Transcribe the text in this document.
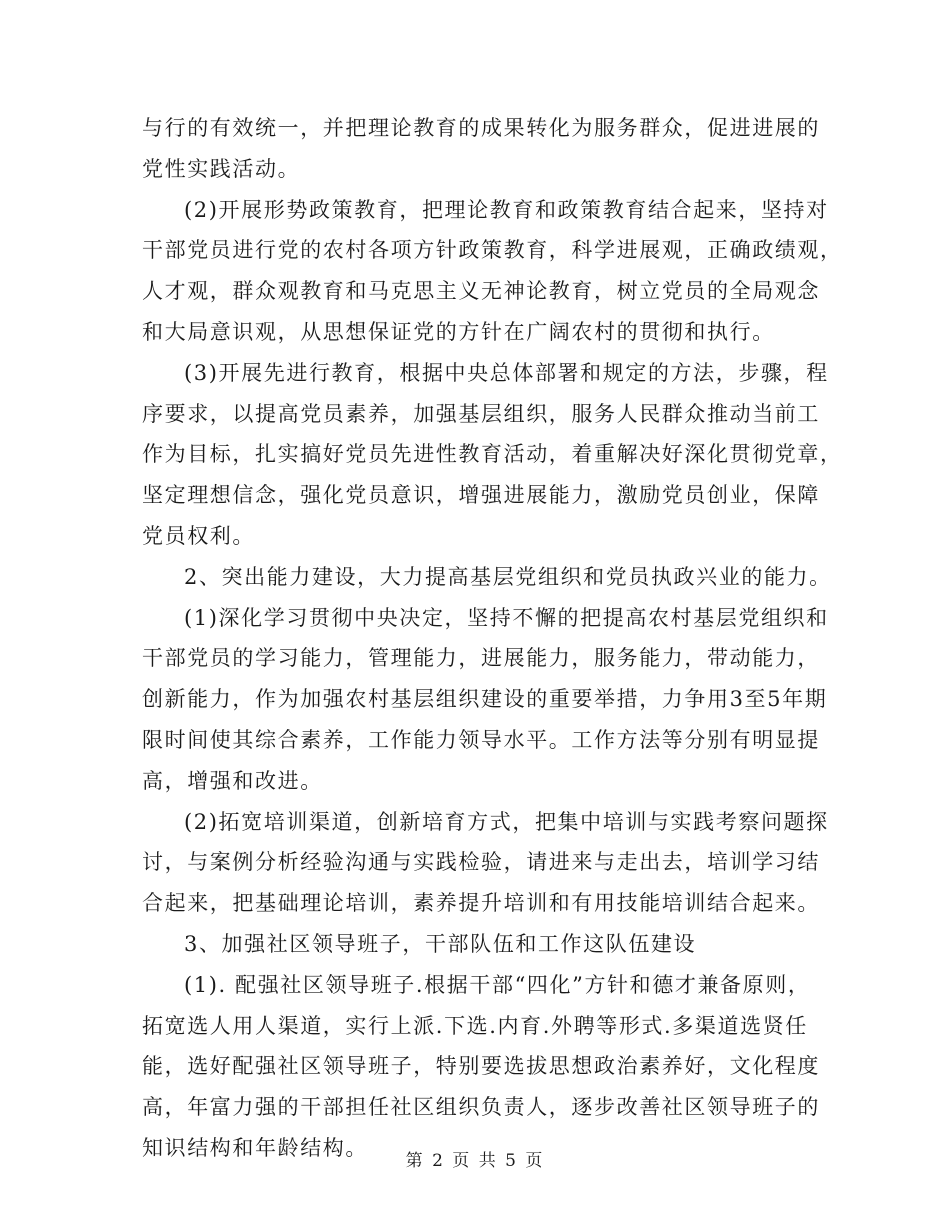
与行的有效统一，并把理论教育的成果转化为服务群众，促进进展的
党性实践活动。
(2)开展形势政策教育，把理论教育和政策教育结合起来，坚持对
干部党员进行党的农村各项方针政策教育，科学进展观，正确政绩观，
人才观，群众观教育和马克思主义无神论教育，树立党员的全局观念
和大局意识观，从思想保证党的方针在广阔农村的贯彻和执行。
(3)开展先进行教育，根据中央总体部署和规定的方法，步骤，程
序要求，以提高党员素养，加强基层组织，服务人民群众推动当前工
作为目标，扎实搞好党员先进性教育活动，着重解决好深化贯彻党章，
坚定理想信念，强化党员意识，增强进展能力，激励党员创业，保障
党员权利。
2、突出能力建设，大力提高基层党组织和党员执政兴业的能力。
(1)深化学习贯彻中央决定，坚持不懈的把提高农村基层党组织和
干部党员的学习能力，管理能力，进展能力，服务能力，带动能力，
创新能力，作为加强农村基层组织建设的重要举措，力争用3至5年期
限时间使其综合素养，工作能力领导水平。工作方法等分别有明显提
高，增强和改进。
(2)拓宽培训渠道，创新培育方式，把集中培训与实践考察问题探
讨，与案例分析经验沟通与实践检验，请进来与走出去，培训学习结
合起来，把基础理论培训，素养提升培训和有用技能培训结合起来。
3、加强社区领导班子，干部队伍和工作这队伍建设
(1). 配强社区领导班子.根据干部“四化”方针和德才兼备原则，
拓宽选人用人渠道，实行上派.下选.内育.外聘等形式.多渠道选贤任
能，选好配强社区领导班子，特别要选拔思想政治素养好，文化程度
高，年富力强的干部担任社区组织负责人，逐步改善社区领导班子的
知识结构和年龄结构。
第 2 页 共 5 页
